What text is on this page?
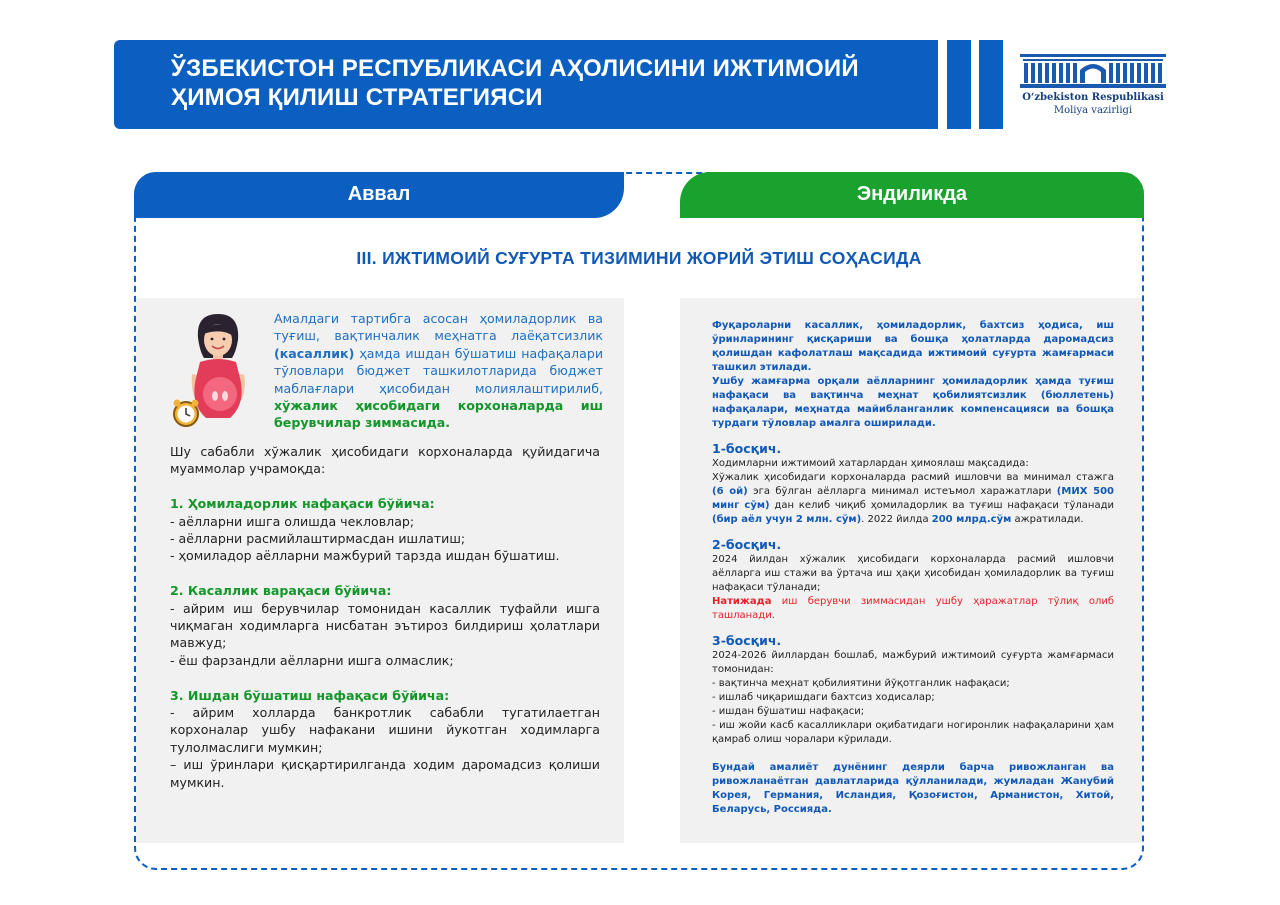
ЎЗБЕКИСТОН РЕСПУБЛИКАСИ АҲОЛИСИНИ ИЖТИМОИЙ
ҲИМОЯ ҚИЛИШ СТРАТЕГИЯСИ	O‘zbekiston Respublikasi
Moliya vazirligi
Аввал	Эндиликда
III. ИЖТИМОИЙ СУҒУРТА ТИЗИМИНИ ЖОРИЙ ЭТИШ СОҲАСИДА

Амалдаги тартибга асосан ҳомиладорлик ва туғиш, вақтинчалик меҳнатга лаёқатсизлик (касаллик) ҳамда ишдан бўшатиш нафақалари тўловлари бюджет ташкилотларида бюджет маблағлари ҳисобидан молиялаштирилиб, хўжалик ҳисобидаги корхоналарда иш берувчилар зиммасида.

Шу сабабли хўжалик ҳисобидаги корхоналарда қуйидагича муаммолар учрамоқда:

1. Ҳомиладорлик нафақаси бўйича:

- аёлларни ишга олишда чекловлар;

- аёлларни расмийлаштирмасдан ишлатиш;

- ҳомиладор аёлларни мажбурий тарзда ишдан бўшатиш.

2. Касаллик варақаси бўйича:

- айрим иш берувчилар томонидан касаллик туфайли ишга чиқмаган ходимларга нисбатан эътироз билдириш ҳолатлари мавжуд;

- ёш фарзандли аёлларни ишга олмаслик;

3. Ишдан бўшатиш нафақаси бўйича:

- айрим холларда банкротлик сабабли тугатилаетган корхоналар ушбу нафакани ишини йукотган ходимларга тулолмаслиги мумкин;

– иш ўринлари қисқартирилганда ходим даромадсиз қолиши мумкин.

Фуқароларни касаллик, ҳомиладорлик, бахтсиз ҳодиса, иш ўринларининг қисқариши ва бошқа ҳолатларда даромадсиз қолишдан кафолатлаш мақсадида ижтимоий суғурта жамғармаси ташкил этилади.

Ушбу жамғарма орқали аёлларнинг ҳомиладорлик ҳамда туғиш нафақаси ва вақтинча меҳнат қобилиятсизлик (бюллетень) нафақалари, меҳнатда майибланганлик компенсацияси ва бошқа турдаги тўловлар амалга оширилади.

1-босқич.

Ходимларни ижтимоий хатарлардан ҳимоялаш мақсадида:

Хўжалик ҳисобидаги корхоналарда расмий ишловчи ва минимал стажга (6 ой) эга бўлган аёлларга минимал истеъмол харажатлари (МИХ 500 минг сўм) дан келиб чиқиб ҳомиладорлик ва туғиш нафақаси тўланади (бир аёл учун 2 млн. сўм). 2022 йилда 200 млрд.сўм ажратилади.

2-босқич.

2024 йилдан хўжалик ҳисобидаги корхоналарда расмий ишловчи аёлларга иш стажи ва ўртача иш ҳақи ҳисобидан ҳомиладорлик ва туғиш нафақаси тўланади;

Натижада иш берувчи зиммасидан ушбу ҳаражатлар тўлиқ олиб ташланади.

3-босқич.

2024-2026 йиллардан бошлаб, мажбурий ижтимоий суғурта жамғармаси томонидан:

- вақтинча меҳнат қобилиятини йўқотганлик нафақаси;

- ишлаб чиқаришдаги бахтсиз ходисалар;

- ишдан бўшатиш нафақаси;

- иш жойи касб касалликлари оқибатидаги ногиронлик нафақаларини ҳам қамраб олиш чоралари кўрилади.

Бундай амалиёт дунёнинг деярли барча ривожланган ва ривожланаётган давлатларида қўлланилади, жумладан Жанубий Корея, Германия, Исландия, Қозоғистон, Арманистон, Хитой, Беларусь, Россияда.
